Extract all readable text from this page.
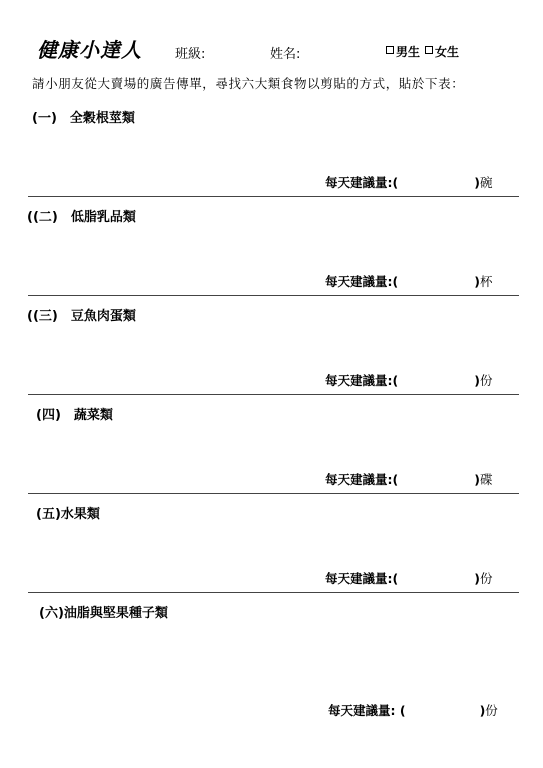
健康小達人	班級:	姓名:	男生	女生
請小朋友從大賣場的廣告傳單，尋找六大類食物以剪貼的方式，貼於下表：
(一)　全穀根莖類
每天建議量:(	)碗
((二)　低脂乳品類
每天建議量:(	)杯
((三)　豆魚肉蛋類
每天建議量:(	)份
(四)　蔬菜類
每天建議量:(	)碟
(五)水果類
每天建議量:(	)份
(六)油脂與堅果種子類
每天建議量: (	)份
